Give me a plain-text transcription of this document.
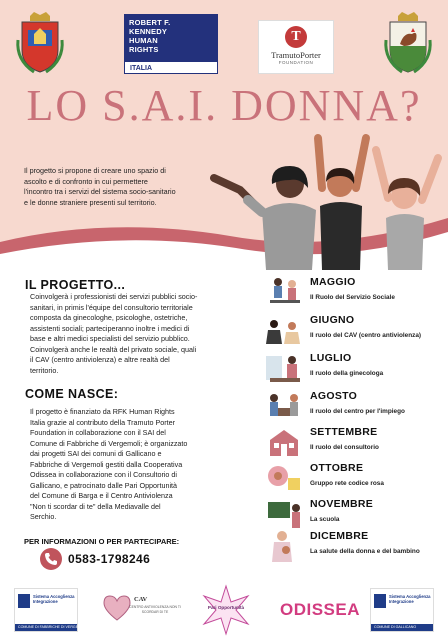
ROBERT F.
KENNEDY
HUMAN
RIGHTS
ITALIA
T
TramutoPorter
FOUNDATION
LO S.A.I. DONNA?
Il progetto si propone di creare uno spazio di
ascolto e di confronto in cui permettere
l'incontro tra i servizi del sistema socio-sanitario
e le donne straniere presenti sul territorio.
IL PROGETTO...
Coinvolgerà i professionisti dei servizi pubblici socio-
sanitari, in primis l'équipe del consultorio territoriale
composta da ginecologhe, psicologhe, ostetriche,
assistenti sociali; parteciperanno inoltre i medici di
base e altri medici specialisti del servizio pubblico.
Coinvolgerà anche le realtà del privato sociale, quali
il CAV (centro antiviolenza) e altre realtà del
territorio.
COME NASCE:
Il progetto è finanziato da RFK Human Rights
Italia grazie al contributo della Tramuto Porter
Foundation in collaborazione con il SAI del
Comune di Fabbriche di Vergemoli; è organizzato
dai progetti SAI dei comuni di Gallicano e
Fabbriche di Vergemoli gestiti dalla Cooperativa
Odissea in collaborazione con il Consultorio di
Gallicano, e patrocinato dalle Pari Opportunità
del Comune di Barga e il Centro Antiviolenza
"Non ti scordar di te" della Mediavalle del
Serchio.
PER INFORMAZIONI O PER PARTECIPARE:
0583-1798246
MAGGIO
Il Ruolo del Servizio Sociale
GIUGNO
Il ruolo del CAV (centro antiviolenza)
LUGLIO
Il ruolo della ginecologa
AGOSTO
Il ruolo del centro per l'impiego
SETTEMBRE
Il ruolo del consultorio
OTTOBRE
Gruppo rete codice rosa
NOVEMBRE
La scuola
DICEMBRE
La salute della donna e del bambino
Sistema Accoglienza Integrazione
COMUNE DI FABBRICHE DI VERGEMOLI
CAV
CENTRO ANTIVIOLENZA NON TI SCORDAR DI TE
Pari Opportunità	ODISSEA
Sistema Accoglienza Integrazione
COMUNE DI GALLICANO
